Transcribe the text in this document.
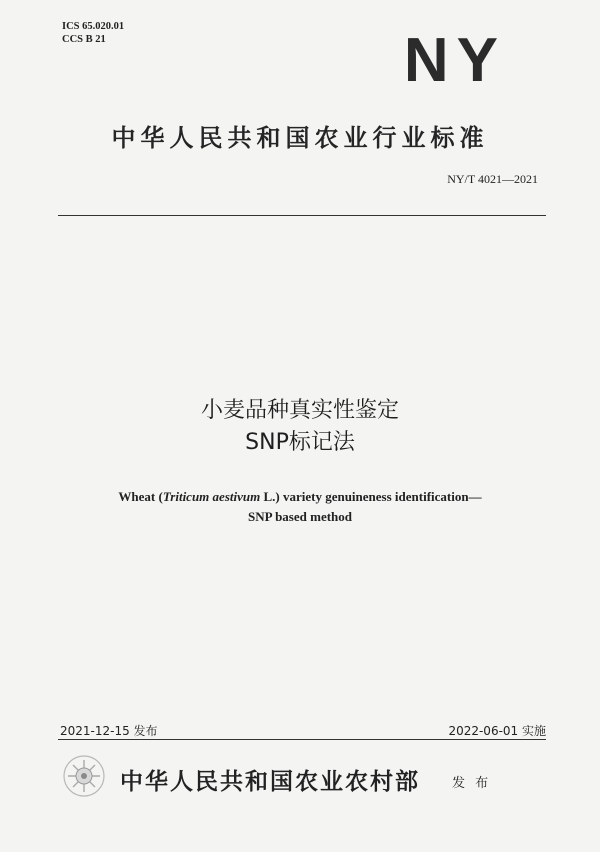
ICS 65.020.01
CCS B 21	NY
中华人民共和国农业行业标准
NY/T 4021—2021
小麦品种真实性鉴定
SNP标记法
Wheat (Triticum aestivum L.) variety genuineness identification—
SNP based method
2021-12-15 发布	2022-06-01 实施
中华人民共和国农业农村部 发 布
